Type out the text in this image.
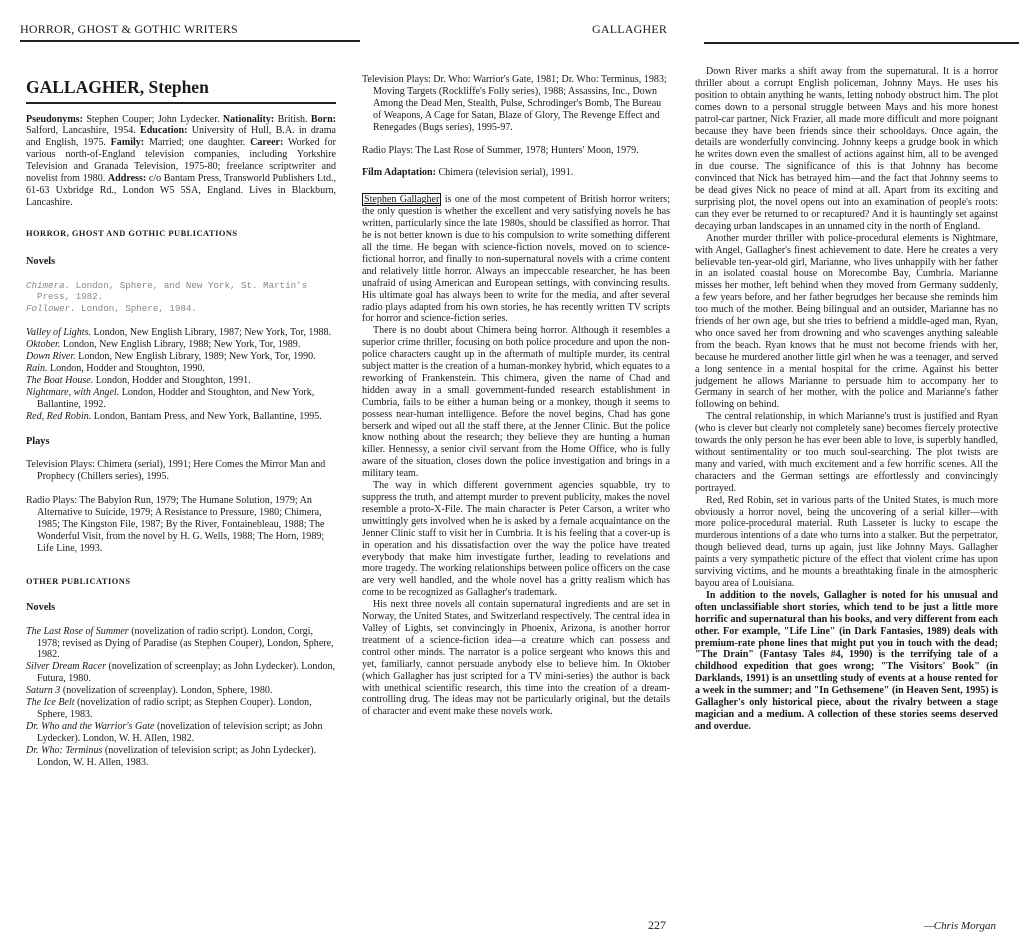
HORROR, GHOST & GOTHIC WRITERS	GALLAGHER
GALLAGHER, Stephen

Pseudonyms: Stephen Couper; John Lydecker. Nationality: British. Born: Salford, Lancashire, 1954. Education: University of Hull, B.A. in drama and English, 1975. Family: Married; one daughter. Career: Worked for various north-of-England television companies, including Yorkshire Television and Granada Television, 1975-80; freelance scriptwriter and novelist from 1980. Address: c/o Bantam Press, Transworld Publishers Ltd., 61-63 Uxbridge Rd., London W5 5SA, England. Lives in Blackburn, Lancashire.

HORROR, GHOST AND GOTHIC PUBLICATIONS

Novels

Chimera. London, Sphere, and New York, St. Martin's Press, 1982.

Follower. London, Sphere, 1984.

Valley of Lights. London, New English Library, 1987; New York, Tor, 1988.

Oktober. London, New English Library, 1988; New York, Tor, 1989.

Down River. London, New English Library, 1989; New York, Tor, 1990.

Rain. London, Hodder and Stoughton, 1990.

The Boat House. London, Hodder and Stoughton, 1991.

Nightmare, with Angel. London, Hodder and Stoughton, and New York, Ballantine, 1992.

Red, Red Robin. London, Bantam Press, and New York, Ballantine, 1995.

Plays

Television Plays: Chimera (serial), 1991; Here Comes the Mirror Man and Prophecy (Chillers series), 1995.

Radio Plays: The Babylon Run, 1979; The Humane Solution, 1979; An Alternative to Suicide, 1979; A Resistance to Pressure, 1980; Chimera, 1985; The Kingston File, 1987; By the River, Fontainebleau, 1988; The Wonderful Visit, from the novel by H. G. Wells, 1988; The Horn, 1989; Life Line, 1993.

OTHER PUBLICATIONS

Novels

The Last Rose of Summer (novelization of radio script). London, Corgi, 1978; revised as Dying of Paradise (as Stephen Couper), London, Sphere, 1982.

Silver Dream Racer (novelization of screenplay; as John Lydecker). London, Futura, 1980.

Saturn 3 (novelization of screenplay). London, Sphere, 1980.

The Ice Belt (novelization of radio script; as Stephen Couper). London, Sphere, 1983.

Dr. Who and the Warrior's Gate (novelization of television script; as John Lydecker). London, W. H. Allen, 1982.

Dr. Who: Terminus (novelization of television script; as John Lydecker). London, W. H. Allen, 1983.

Television Plays: Dr. Who: Warrior's Gate, 1981; Dr. Who: Terminus, 1983; Moving Targets (Rockliffe's Folly series), 1988; Assassins, Inc., Down Among the Dead Men, Stealth, Pulse, Schrodinger's Bomb, The Bureau of Weapons, A Cage for Satan, Blaze of Glory, The Revenge Effect and Renegades (Bugs series), 1995-97.

Radio Plays: The Last Rose of Summer, 1978; Hunters' Moon, 1979.

Film Adaptation: Chimera (television serial), 1991.

Stephen Gallagher is one of the most competent of British horror writers; the only question is whether the excellent and very satisfying novels he has written, particularly since the late 1980s, should be classified as horror. That he is not better known is due to his compulsion to write something different all the time. He began with science-fiction novels, moved on to science-fictional horror, and finally to non-supernatural novels with a crime content and relatively little horror. Always an impeccable researcher, he has been unafraid of using American and European settings, with convincing results. His ultimate goal has always been to write for the media, and after several radio plays adapted from his own stories, he has recently written TV scripts for horror and science-fiction series.

There is no doubt about Chimera being horror. Although it resembles a superior crime thriller, focusing on both police procedure and upon the non-police characters caught up in the aftermath of multiple murder, its central subject matter is the creation of a human-monkey hybrid, which equates to a reworking of Frankenstein. This chimera, given the name of Chad and hidden away in a small government-funded research establishment in Cumbria, fails to be either a human being or a monkey, though it seems to possess near-human intelligence. Before the novel begins, Chad has gone berserk and wiped out all the staff there, at the Jenner Clinic. But the police know nothing about the research; they believe they are hunting a human killer. Hennessy, a senior civil servant from the Home Office, who is fully aware of the situation, closes down the police investigation and brings in a military team.

The way in which different government agencies squabble, try to suppress the truth, and attempt murder to prevent publicity, makes the novel resemble a proto-X-File. The main character is Peter Carson, a writer who unwittingly gets involved when he is asked by a female acquaintance on the Jenner Clinic staff to visit her in Cumbria. It is his feeling that a cover-up is in operation and his dissatisfaction over the way the police have treated everybody that make him investigate further, leading to revelations and more tragedy. The working relationships between police officers on the case are very well handled, and the whole novel has a gritty realism which has come to be recognized as Gallagher's trademark.

His next three novels all contain supernatural ingredients and are set in Norway, the United States, and Switzerland respectively. The central idea in Valley of Lights, set convincingly in Phoenix, Arizona, is another horror treatment of a science-fiction idea—a creature which can possess and control other minds. The narrator is a police sergeant who knows this and yet, familiarly, cannot persuade anybody else to believe him. In Oktober (which Gallagher has just scripted for a TV mini-series) the author is back with unethical scientific research, this time into the creation of a dream-controlling drug. The ideas may not be particularly original, but the details of character and event make these novels work.

Down River marks a shift away from the supernatural. It is a horror thriller about a corrupt English policeman, Johnny Mays. He uses his position to obtain anything he wants, letting nobody obstruct him. The plot comes down to a personal struggle between Mays and his more honest patrol-car partner, Nick Frazier, all made more difficult and more poignant because they have been friends since their schooldays. Once again, the details are wonderfully convincing. Johnny keeps a grudge book in which he writes down even the smallest of actions against him, all to be avenged in due course. The significance of this is that Johnny has become convinced that Nick has betrayed him—and the fact that Johnny seems to be dead gives Nick no peace of mind at all. Apart from its exciting and surprising plot, the novel opens out into an examination of people's roots: can they ever be returned to or recaptured? And it is hauntingly set against decaying urban landscapes in an unnamed city in the north of England.

Another murder thriller with police-procedural elements is Nightmare, with Angel, Gallagher's finest achievement to date. Here he creates a very believable ten-year-old girl, Marianne, who lives unhappily with her father in an isolated coastal house on Morecombe Bay, Cumbria. Marianne misses her mother, left behind when they moved from Germany suddenly, a few years before, and her father begrudges her because she reminds him too much of the mother. Being bilingual and an outsider, Marianne has no friends of her own age, but she tries to befriend a middle-aged man, Ryan, who once saved her from drowning and who scavenges anything saleable from the beach. Ryan knows that he must not become friends with her, because he murdered another little girl when he was a teenager, and served a long sentence in a mental hospital for the crime. Against his better judgement he allows Marianne to persuade him to accompany her to Germany in search of her mother, with the police and Marianne's father following on behind.

The central relationship, in which Marianne's trust is justified and Ryan (who is clever but clearly not completely sane) becomes fiercely protective towards the only person he has ever been able to love, is superbly handled, without sentimentality or too much soul-searching. The plot twists are many and varied, with much excitement and a few horrific scenes. All the characters and the German settings are effortlessly and convincingly portrayed.

Red, Red Robin, set in various parts of the United States, is much more obviously a horror novel, being the uncovering of a serial killer—with more police-procedural material. Ruth Lasseter is lucky to escape the murderous intentions of a date who turns into a stalker. But the perpetrator, though believed dead, turns up again, just like Johnny Mays. Gallagher paints a very sympathetic picture of the effect that violent crime has upon surviving victims, and he mounts a breathtaking finale in the atmospheric bayou area of Louisiana.

In addition to the novels, Gallagher is noted for his unusual and often unclassifiable short stories, which tend to be just a little more horrific and supernatural than his books, and very different from each other. For example, "Life Line" (in Dark Fantasies, 1989) deals with premium-rate phone lines that might put you in touch with the dead; "The Drain" (Fantasy Tales #4, 1990) is the terrifying tale of a childhood expedition that goes wrong; "The Visitors' Book" (in Darklands, 1991) is an unsettling study of events at a house rented for a week in the summer; and "In Gethsemene" (in Heaven Sent, 1995) is Gallagher's only historical piece, about the rivalry between a stage magician and a medium. A collection of these stories seems deserved and overdue.

227	—Chris Morgan
